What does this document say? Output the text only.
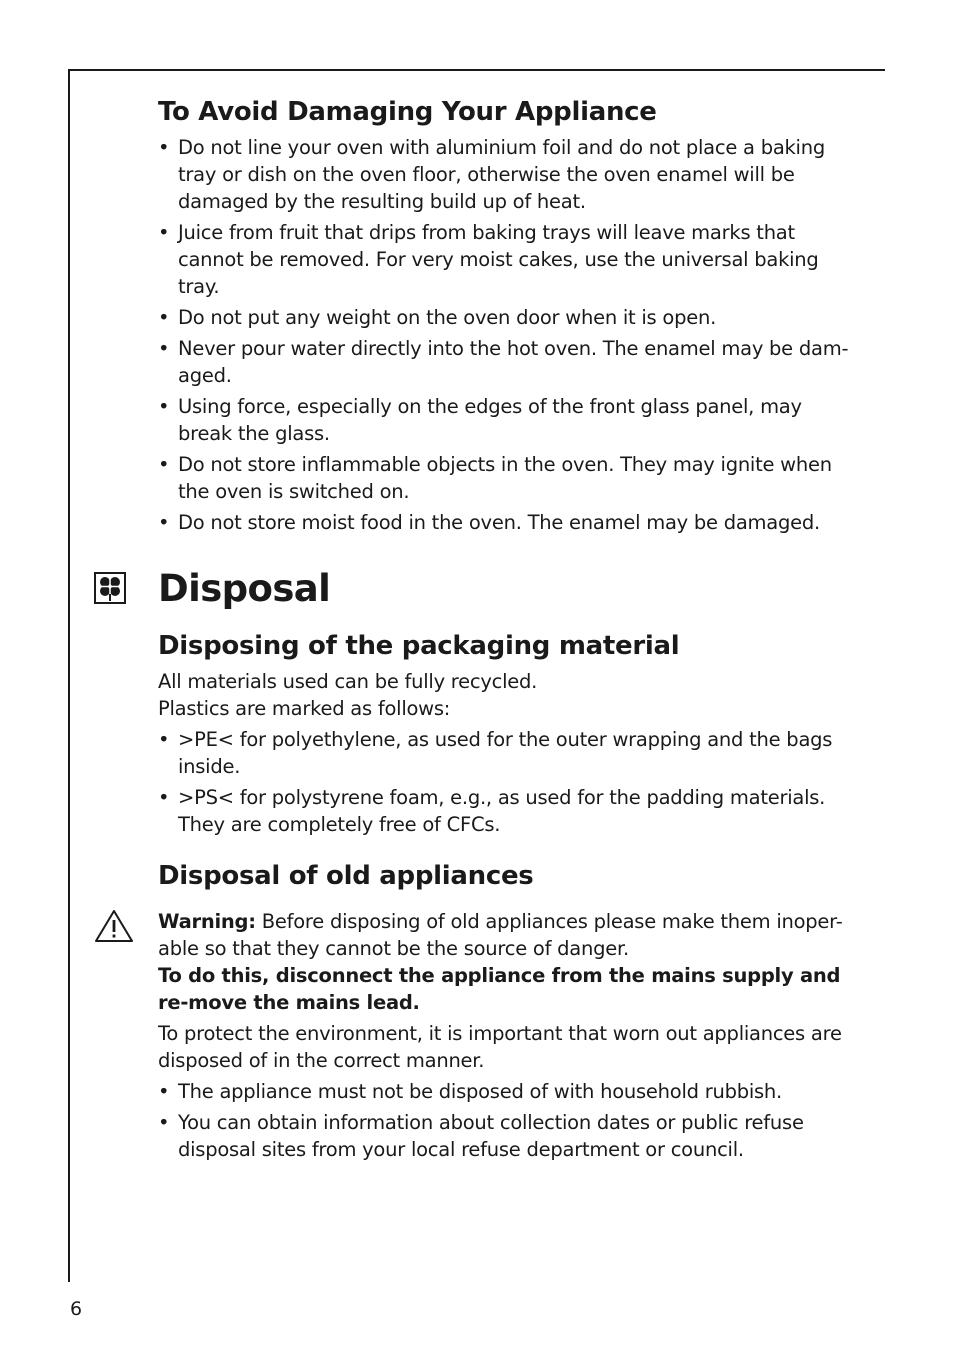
To Avoid Damaging Your Appliance
• Do not line your oven with aluminium foil and do not place a baking tray or dish on the oven floor, otherwise the oven enamel will be damaged by the resulting build up of heat.
• Juice from fruit that drips from baking trays will leave marks that cannot be removed. For very moist cakes, use the universal baking tray.
• Do not put any weight on the oven door when it is open.
• Never pour water directly into the hot oven. The enamel may be dam-aged.
• Using force, especially on the edges of the front glass panel, may break the glass.
• Do not store inflammable objects in the oven. They may ignite when the oven is switched on.
• Do not store moist food in the oven. The enamel may be damaged.
Disposal
Disposing of the packaging material

All materials used can be fully recycled.

Plastics are marked as follows:

• >PE< for polyethylene, as used for the outer wrapping and the bags inside.
• >PS< for polystyrene foam, e.g., as used for the padding materials. They are completely free of CFCs.
Disposal of old appliances

Warning: Before disposing of old appliances please make them inoper-able so that they cannot be the source of danger.

To do this, disconnect the appliance from the mains supply and re-move the mains lead.

To protect the environment, it is important that worn out appliances are disposed of in the correct manner.

• The appliance must not be disposed of with household rubbish.
• You can obtain information about collection dates or public refuse disposal sites from your local refuse department or council.
6
